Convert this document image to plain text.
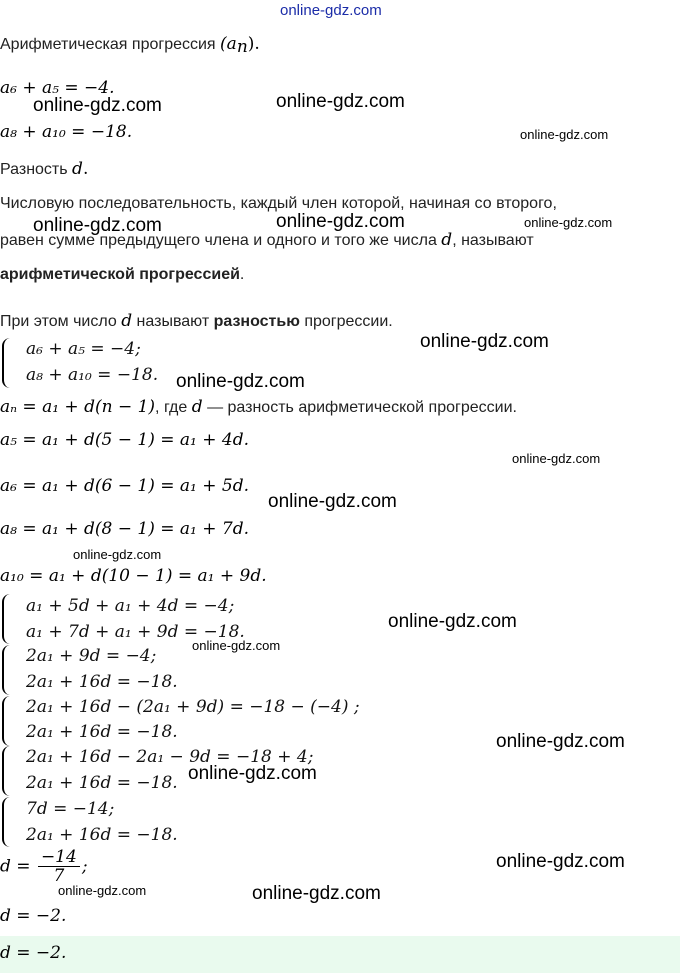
online-gdz.com
Арифметическая прогрессия $(a_n)$.
a₆ + a₅ = −4.
a₈ + a₁₀ = −18.
Разность d.
Числовую последовательность, каждый член которой, начиная со второго,
равен сумме предыдущего члена и одного и того же числа d, называют
арифметической прогрессией.
При этом число d называют разностью прогрессии.
a₆ + a₅ = −4;
a₈ + a₁₀ = −18.
aₙ = a₁ + d(n − 1), где d — разность арифметической прогрессии.
a₅ = a₁ + d(5 − 1) = a₁ + 4d.
a₆ = a₁ + d(6 − 1) = a₁ + 5d.
a₈ = a₁ + d(8 − 1) = a₁ + 7d.
a₁₀ = a₁ + d(10 − 1) = a₁ + 9d.
a₁ + 5d + a₁ + 4d = −4;
a₁ + 7d + a₁ + 9d = −18.
2a₁ + 9d = −4;
2a₁ + 16d = −18.
2a₁ + 16d − (2a₁ + 9d) = −18 − (−4) ;
2a₁ + 16d = −18.
2a₁ + 16d − 2a₁ − 9d = −18 + 4;
2a₁ + 16d = −18.
7d = −14;
2a₁ + 16d = −18.
$d = \frac{-14}{7}$ ;
d = −2.
d = −2.
online-gdz.com	online-gdz.com
online-gdz.com
online-gdz.com	online-gdz.com	online-gdz.com
online-gdz.com
online-gdz.com
online-gdz.com
online-gdz.com
online-gdz.com
online-gdz.com
online-gdz.com
online-gdz.com
online-gdz.com
online-gdz.com
online-gdz.com	online-gdz.com
